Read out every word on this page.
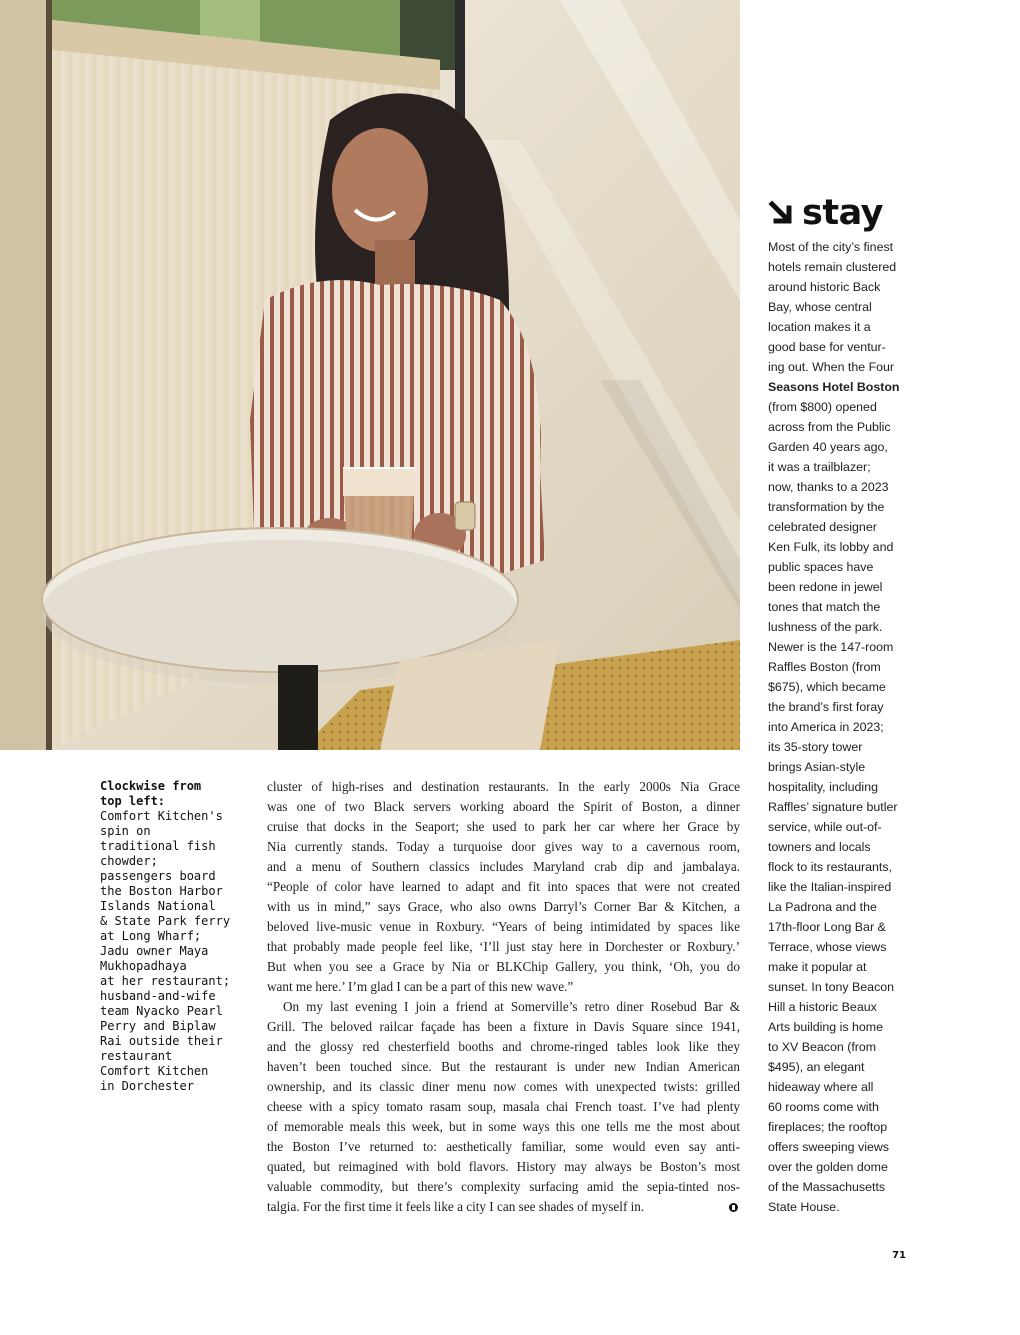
Clockwise from
top left:
Comfort Kitchen's
spin on
traditional fish
chowder;
passengers board
the Boston Harbor
Islands National
& State Park ferry
at Long Wharf;
Jadu owner Maya
Mukhopadhaya
at her restaurant;
husband-and-wife
team Nyacko Pearl
Perry and Biplaw
Rai outside their
restaurant
Comfort Kitchen
in Dorchester
cluster of high-rises and destination restaurants. In the early 2000s Nia Grace
was one of two Black servers working aboard the Spirit of Boston, a dinner
cruise that docks in the Seaport; she used to park her car where her Grace by
Nia currently stands. Today a turquoise door gives way to a cavernous room,
and a menu of Southern classics includes Maryland crab dip and jambalaya.
“People of color have learned to adapt and fit into spaces that were not created
with us in mind,” says Grace, who also owns Darryl’s Corner Bar & Kitchen, a
beloved live-music venue in Roxbury. “Years of being intimidated by spaces like
that probably made people feel like, ‘I’ll just stay here in Dorchester or Roxbury.’
But when you see a Grace by Nia or BLKChip Gallery, you think, ‘Oh, you do
want me here.’ I’m glad I can be a part of this new wave.”
On my last evening I join a friend at Somerville’s retro diner Rosebud Bar &
Grill. The beloved railcar façade has been a fixture in Davis Square since 1941,
and the glossy red chesterfield booths and chrome-ringed tables look like they
haven’t been touched since. But the restaurant is under new Indian American
ownership, and its classic diner menu now comes with unexpected twists: grilled
cheese with a spicy tomato rasam soup, masala chai French toast. I’ve had plenty
of memorable meals this week, but in some ways this one tells me the most about
the Boston I’ve returned to: aesthetically familiar, some would even say anti-
quated, but reimagined with bold flavors. History may always be Boston’s most
valuable commodity, but there’s complexity surfacing amid the sepia-tinted nos-
talgia. For the first time it feels like a city I can see shades of myself in.
stay
Most of the city’s finest
hotels remain clustered
around historic Back
Bay, whose central
location makes it a
good base for ventur-
ing out. When the Four
Seasons Hotel Boston
(from $800) opened
across from the Public
Garden 40 years ago,
it was a trailblazer;
now, thanks to a 2023
transformation by the
celebrated designer
Ken Fulk, its lobby and
public spaces have
been redone in jewel
tones that match the
lushness of the park.
Newer is the 147-room
Raffles Boston (from
$675), which became
the brand’s first foray
into America in 2023;
its 35-story tower
brings Asian-style
hospitality, including
Raffles’ signature butler
service, while out-of-
towners and locals
flock to its restaurants,
like the Italian-inspired
La Padrona and the
17th-floor Long Bar &
Terrace, whose views
make it popular at
sunset. In tony Beacon
Hill a historic Beaux
Arts building is home
to XV Beacon (from
$495), an elegant
hideaway where all
60 rooms come with
fireplaces; the rooftop
offers sweeping views
over the golden dome
of the Massachusetts
State House.
71
